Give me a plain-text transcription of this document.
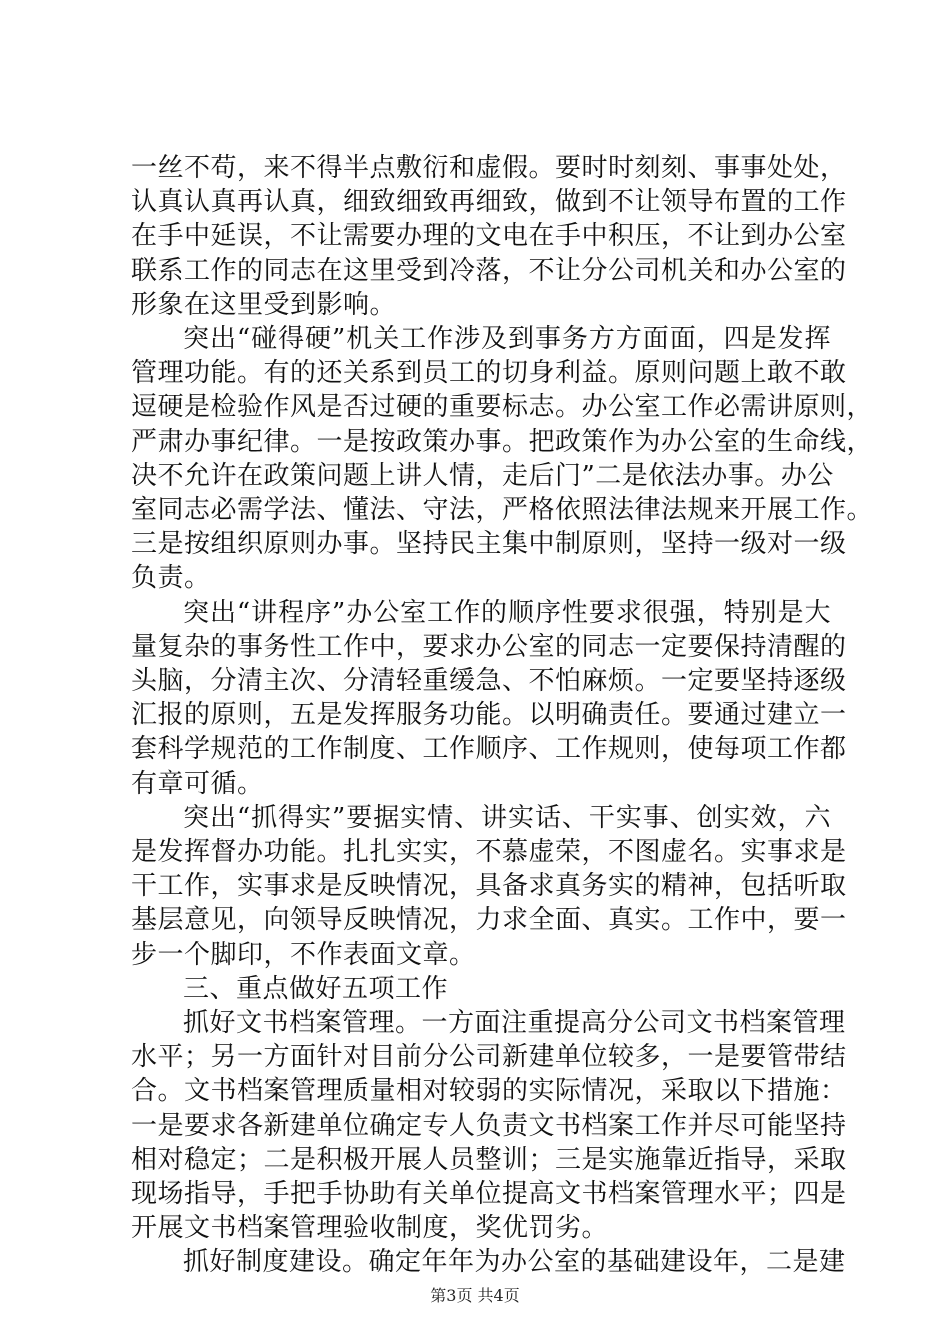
一丝不苟，来不得半点敷衍和虚假。要时时刻刻、事事处处，
认真认真再认真，细致细致再细致，做到不让领导布置的工作
在手中延误，不让需要办理的文电在手中积压，不让到办公室
联系工作的同志在这里受到冷落，不让分公司机关和办公室的
形象在这里受到影响。
突出“碰得硬”机关工作涉及到事务方方面面，四是发挥
管理功能。有的还关系到员工的切身利益。原则问题上敢不敢
逗硬是检验作风是否过硬的重要标志。办公室工作必需讲原则，
严肃办事纪律。一是按政策办事。把政策作为办公室的生命线，
决不允许在政策问题上讲人情，走后门”二是依法办事。办公
室同志必需学法、懂法、守法，严格依照法律法规来开展工作。
三是按组织原则办事。坚持民主集中制原则，坚持一级对一级
负责。
突出“讲程序”办公室工作的顺序性要求很强，特别是大
量复杂的事务性工作中，要求办公室的同志一定要保持清醒的
头脑，分清主次、分清轻重缓急、不怕麻烦。一定要坚持逐级
汇报的原则，五是发挥服务功能。以明确责任。要通过建立一
套科学规范的工作制度、工作顺序、工作规则，使每项工作都
有章可循。
突出“抓得实”要据实情、讲实话、干实事、创实效，六
是发挥督办功能。扎扎实实，不慕虚荣，不图虚名。实事求是
干工作，实事求是反映情况，具备求真务实的精神，包括听取
基层意见，向领导反映情况，力求全面、真实。工作中，要一
步一个脚印，不作表面文章。
三、重点做好五项工作
抓好文书档案管理。一方面注重提高分公司文书档案管理
水平；另一方面针对目前分公司新建单位较多，一是要管带结
合。文书档案管理质量相对较弱的实际情况，采取以下措施：
一是要求各新建单位确定专人负责文书档案工作并尽可能坚持
相对稳定；二是积极开展人员整训；三是实施靠近指导，采取
现场指导，手把手协助有关单位提高文书档案管理水平；四是
开展文书档案管理验收制度，奖优罚劣。
抓好制度建设。确定年年为办公室的基础建设年，二是建
第3页 共4页
